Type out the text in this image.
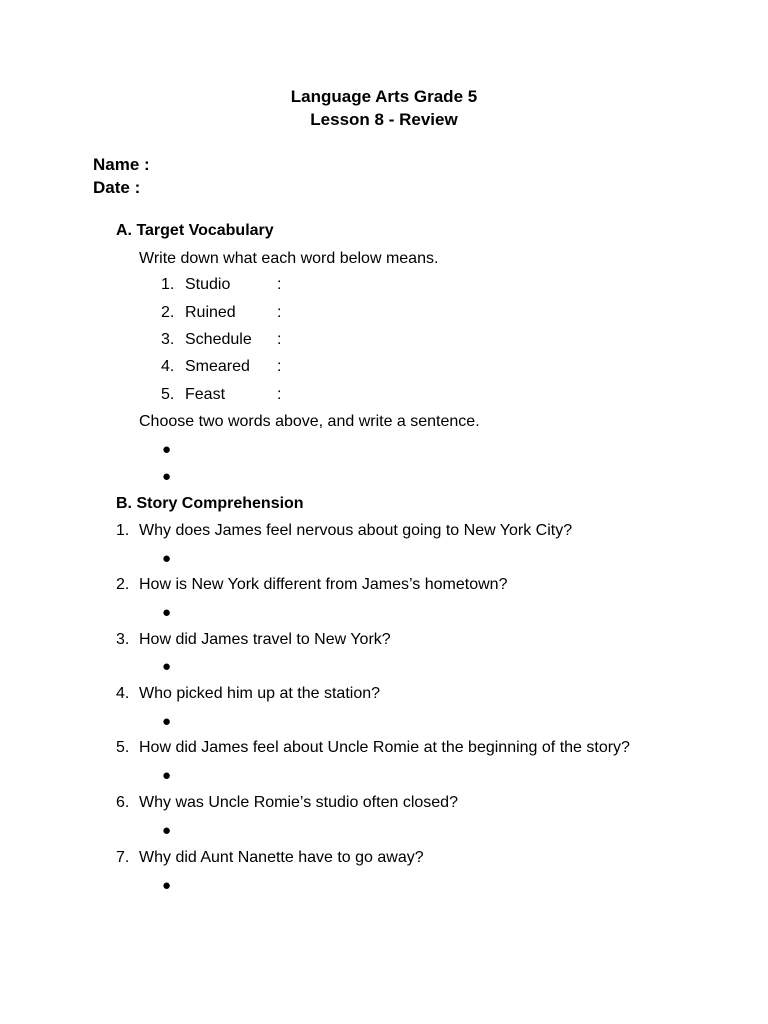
Language Arts Grade 5
Lesson 8 - Review
Name :
Date :
A. Target Vocabulary
Write down what each word below means.
1. Studio	:
2. Ruined	:
3. Schedule :
4. Smeared :
5. Feast	:
Choose two words above, and write a sentence.
●
●
B. Story Comprehension
1. Why does James feel nervous about going to New York City?
●
2. How is New York different from James’s hometown?
●
3. How did James travel to New York?
●
4. Who picked him up at the station?
●
5. How did James feel about Uncle Romie at the beginning of the story?
●
6. Why was Uncle Romie’s studio often closed?
●
7. Why did Aunt Nanette have to go away?
●
